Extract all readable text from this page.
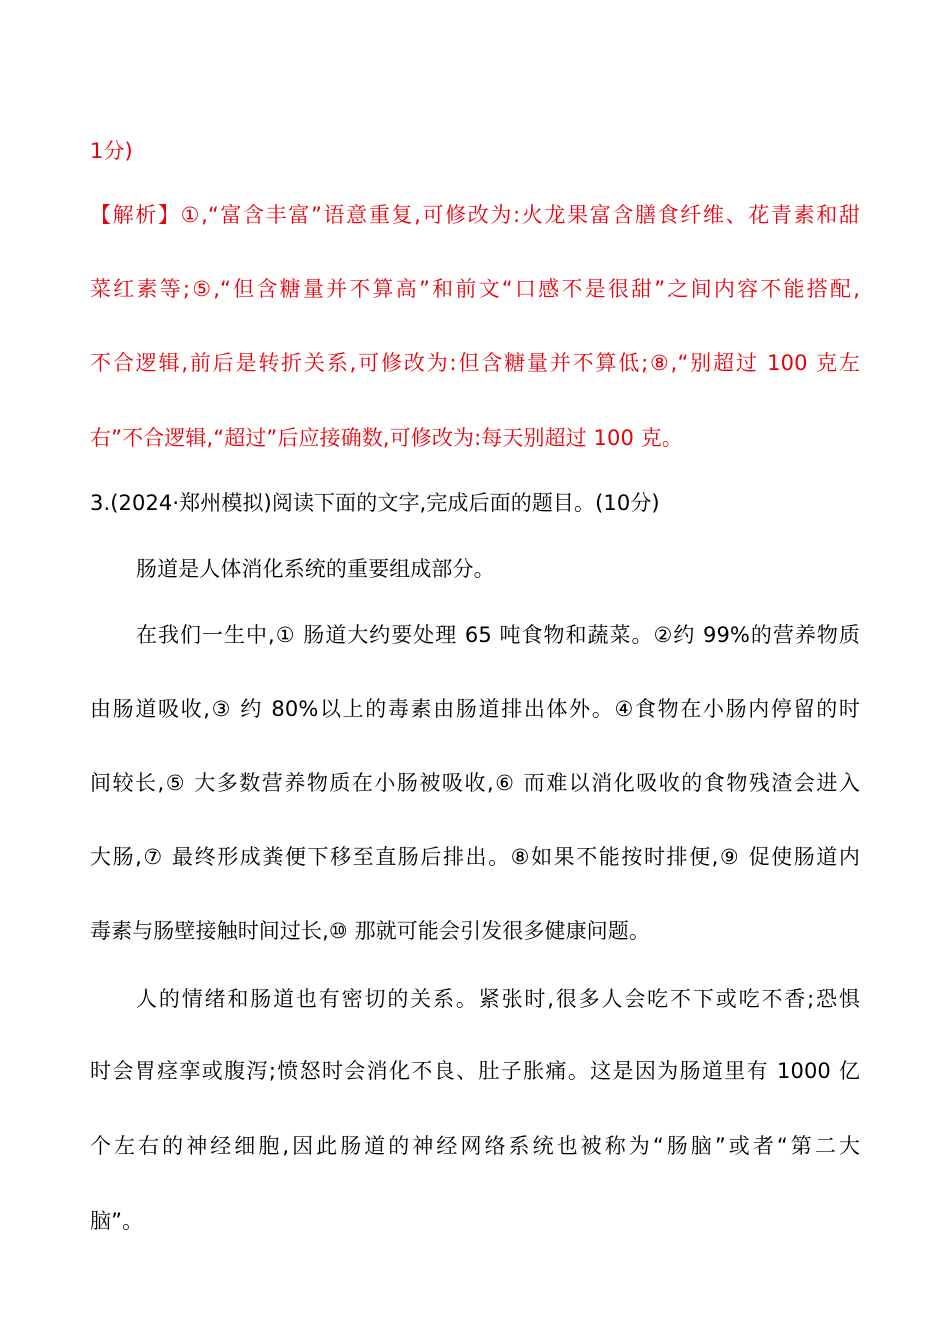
1分)
【解析】①,“富含丰富”语意重复,可修改为:火龙果富含膳食纤维、花青素和甜
菜红素等;⑤,“但含糖量并不算高”和前文“口感不是很甜”之间内容不能搭配,
不合逻辑,前后是转折关系,可修改为:但含糖量并不算低;⑧,“别超过 100 克左
右”不合逻辑,“超过”后应接确数,可修改为:每天别超过 100 克。
3.(2024·郑州模拟)阅读下面的文字,完成后面的题目。(10分)
肠道是人体消化系统的重要组成部分。
在我们一生中,① 肠道大约要处理 65 吨食物和蔬菜。②约 99%的营养物质
由肠道吸收,③ 约 80%以上的毒素由肠道排出体外。④食物在小肠内停留的时
间较长,⑤ 大多数营养物质在小肠被吸收,⑥ 而难以消化吸收的食物残渣会进入
大肠,⑦ 最终形成粪便下移至直肠后排出。⑧如果不能按时排便,⑨ 促使肠道内
毒素与肠壁接触时间过长,⑩ 那就可能会引发很多健康问题。
人的情绪和肠道也有密切的关系。紧张时,很多人会吃不下或吃不香;恐惧
时会胃痉挛或腹泻;愤怒时会消化不良、肚子胀痛。这是因为肠道里有 1000 亿
个左右的神经细胞,因此肠道的神经网络系统也被称为“肠脑”或者“第二大
脑”。
